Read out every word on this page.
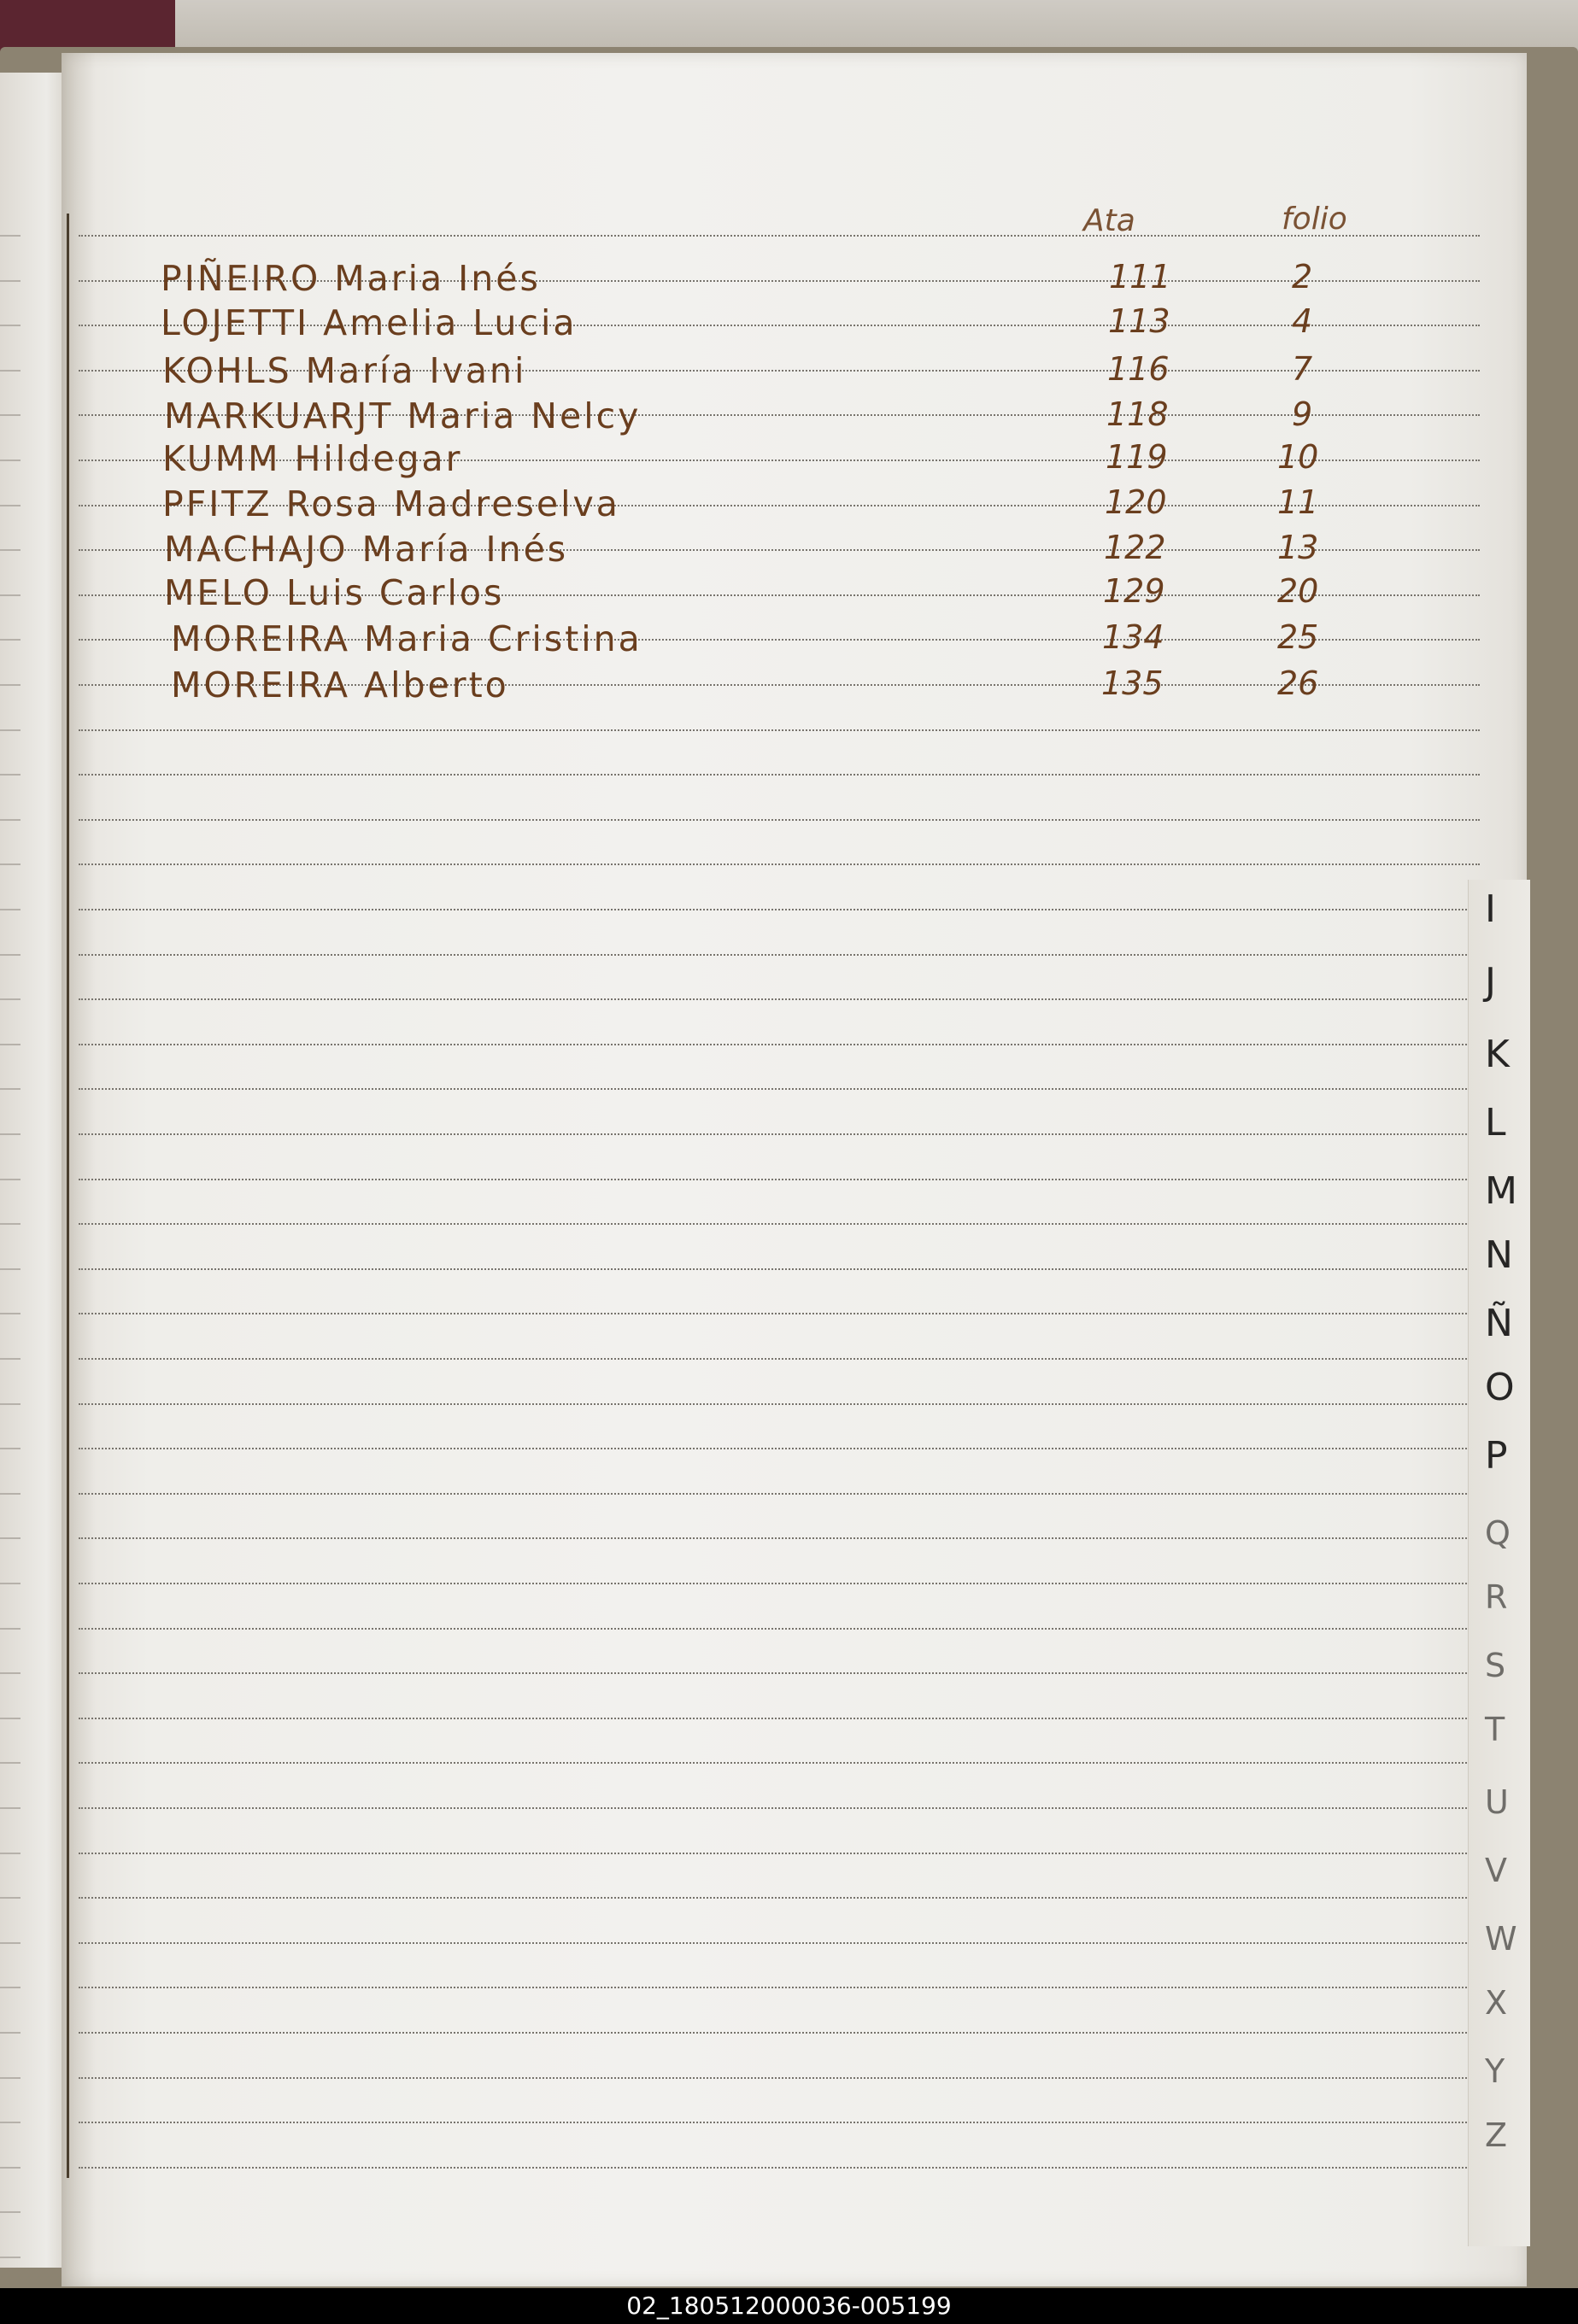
I
J
K
L
M
N
Ñ
O
P
Q
R
S
T
U
V
W
X
Y
Z
Ata	folio
PIÑEIRO Maria Inés	111	2
LOJETTI Amelia Lucia	113	4
KOHLS María Ivani	116	7
MARKUARJT Maria Nelcy	118	9
KUMM Hildegar	119	10
PFITZ Rosa Madreselva	120	11
MACHAJO María Inés	122	13
MELO Luis Carlos	129	20
MOREIRA Maria Cristina	134	25
MOREIRA Alberto	135	26
02_180512000036-005199
